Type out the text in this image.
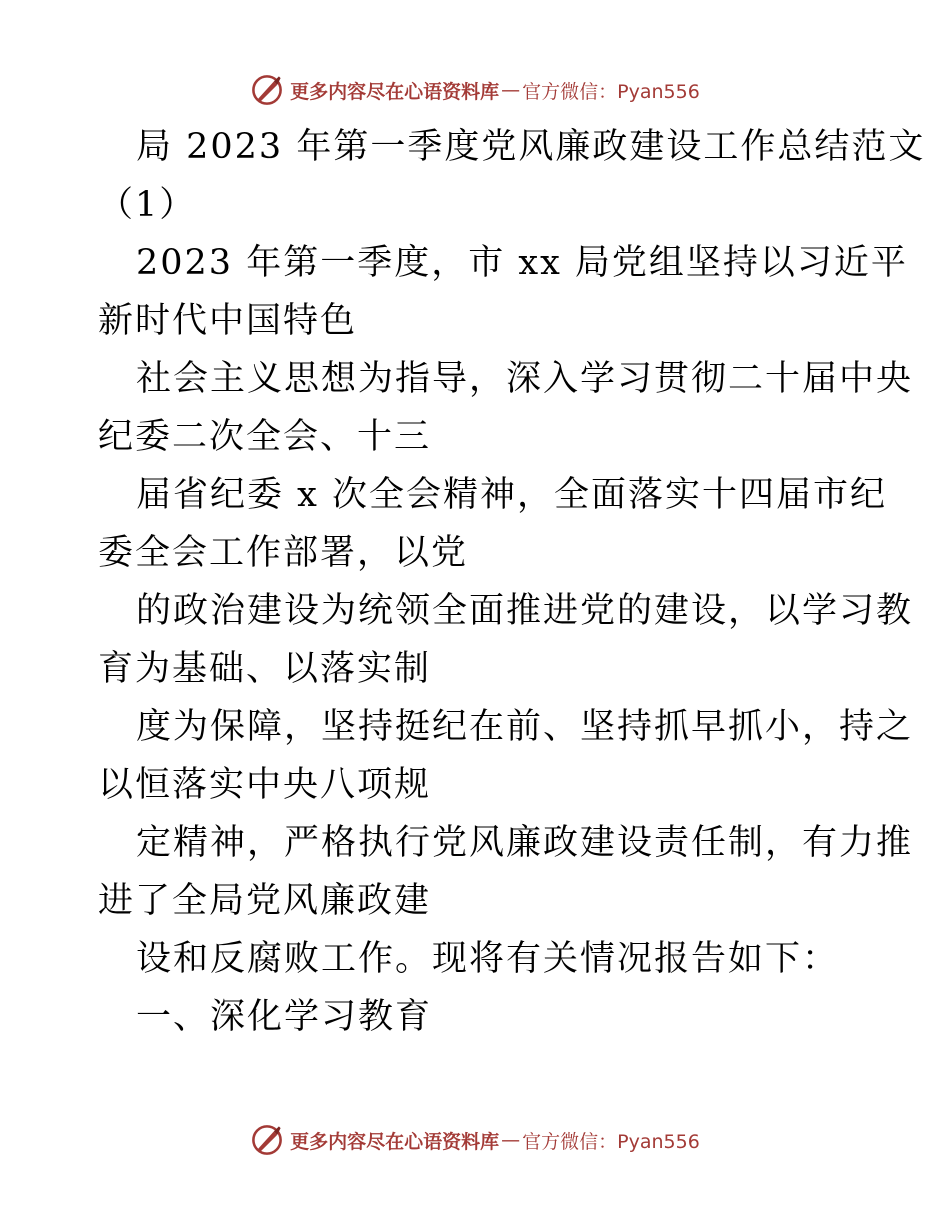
更多内容尽在心语资料库 — 官方微信：Pyan556
局 2023 年第一季度党风廉政建设工作总结范文
（1）
2023 年第一季度，市 xx 局党组坚持以习近平
新时代中国特色
社会主义思想为指导，深入学习贯彻二十届中央
纪委二次全会、十三
届省纪委 x 次全会精神，全面落实十四届市纪
委全会工作部署，以党
的政治建设为统领全面推进党的建设，以学习教
育为基础、以落实制
度为保障，坚持挺纪在前、坚持抓早抓小，持之
以恒落实中央八项规
定精神，严格执行党风廉政建设责任制，有力推
进了全局党风廉政建
设和反腐败工作。现将有关情况报告如下：
一、深化学习教育
更多内容尽在心语资料库 — 官方微信：Pyan556
